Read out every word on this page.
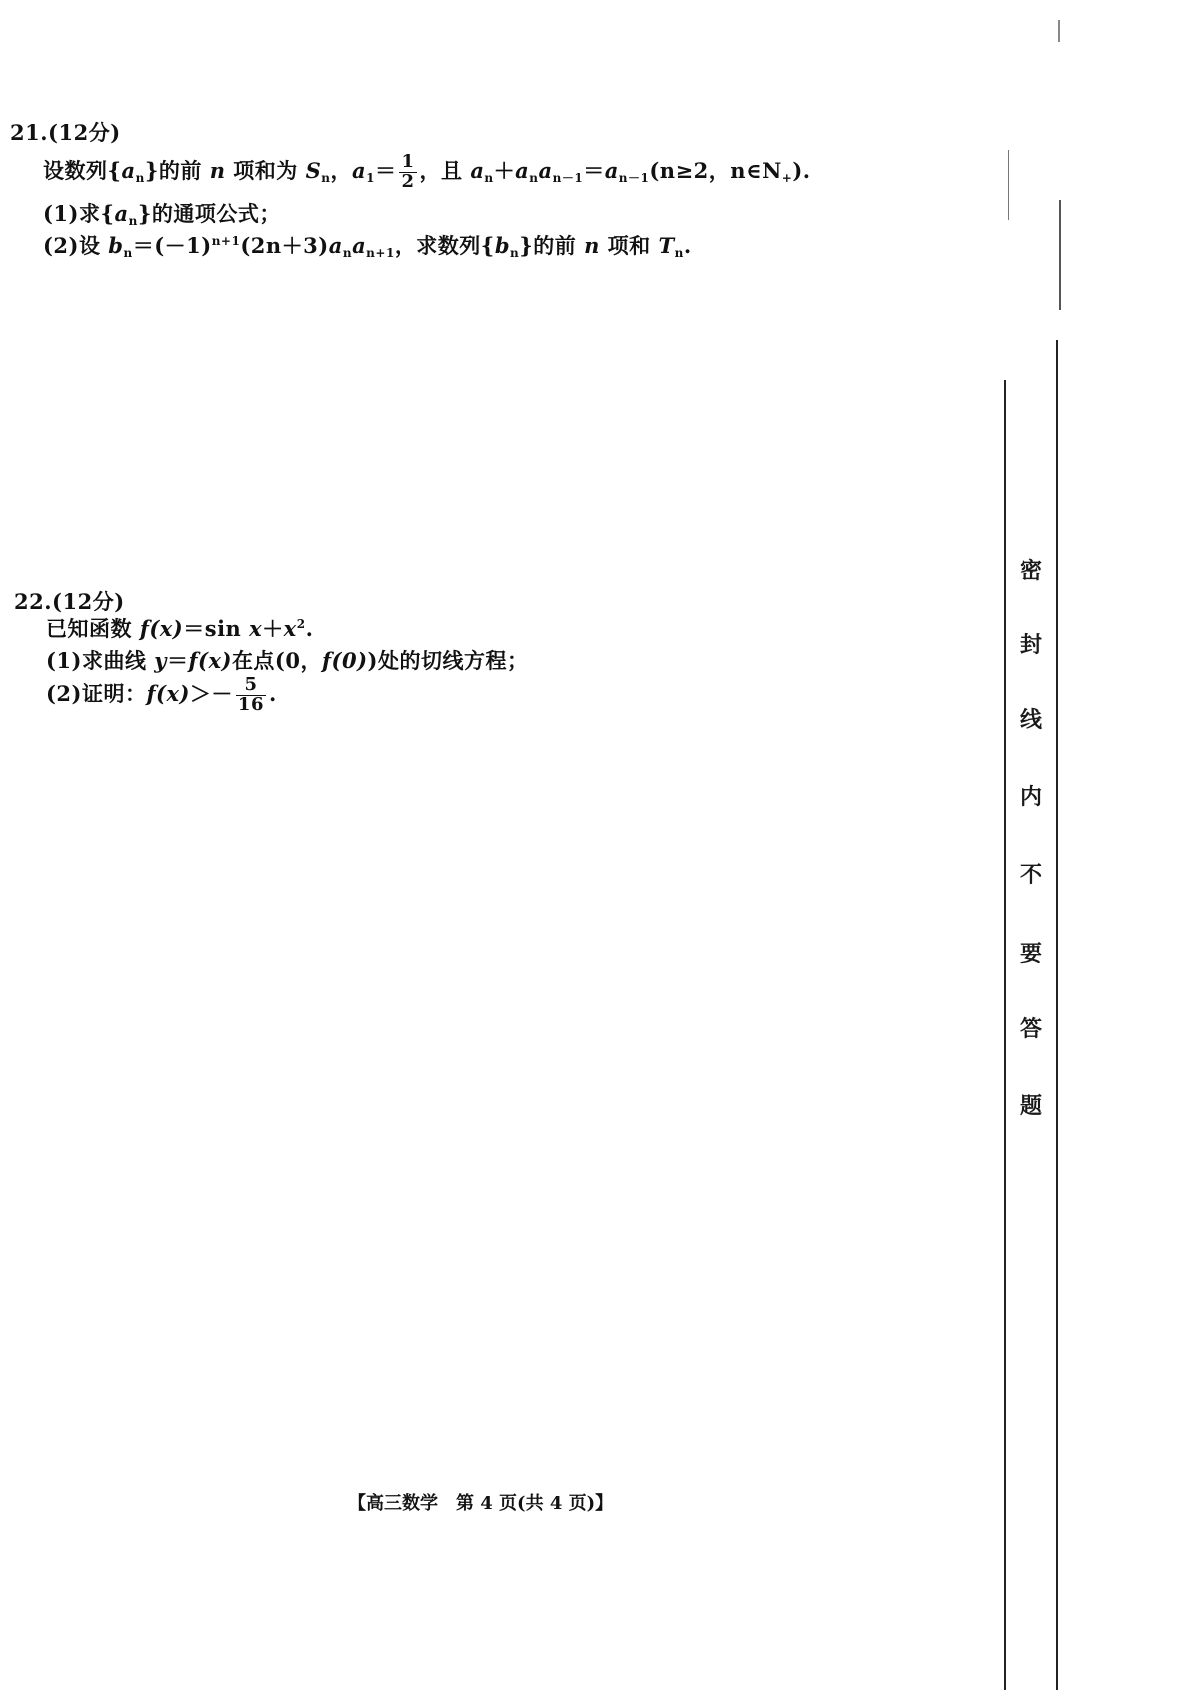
21.(12分)
设数列$\{a_n\}$的前 n 项和为 $S_n$，$a_1= \frac{1}{2}$ ，且 $a_n+a_na_{n-1}=a_{n-1}(n\ge 2$，$n\in N_+$).
(1)求$\{a_n\}$的通项公式；
(2)设 $b_n=(-1)^{n+1}(2n+3)a_na_{n+1}$，求数列$\{b_n\}$的前 n 项和 $T_n$.
22.(12分)
已知函数 f(x)＝sin $x+x^2$.
(1)求曲线 y＝f(x)在点(0，f(0))处的切线方程；
(2)证明：$f(x)>- \frac{5}{16}$ .
密
封
线
内
不
要
答
题
【高三数学 第 4 页(共 4 页)】
